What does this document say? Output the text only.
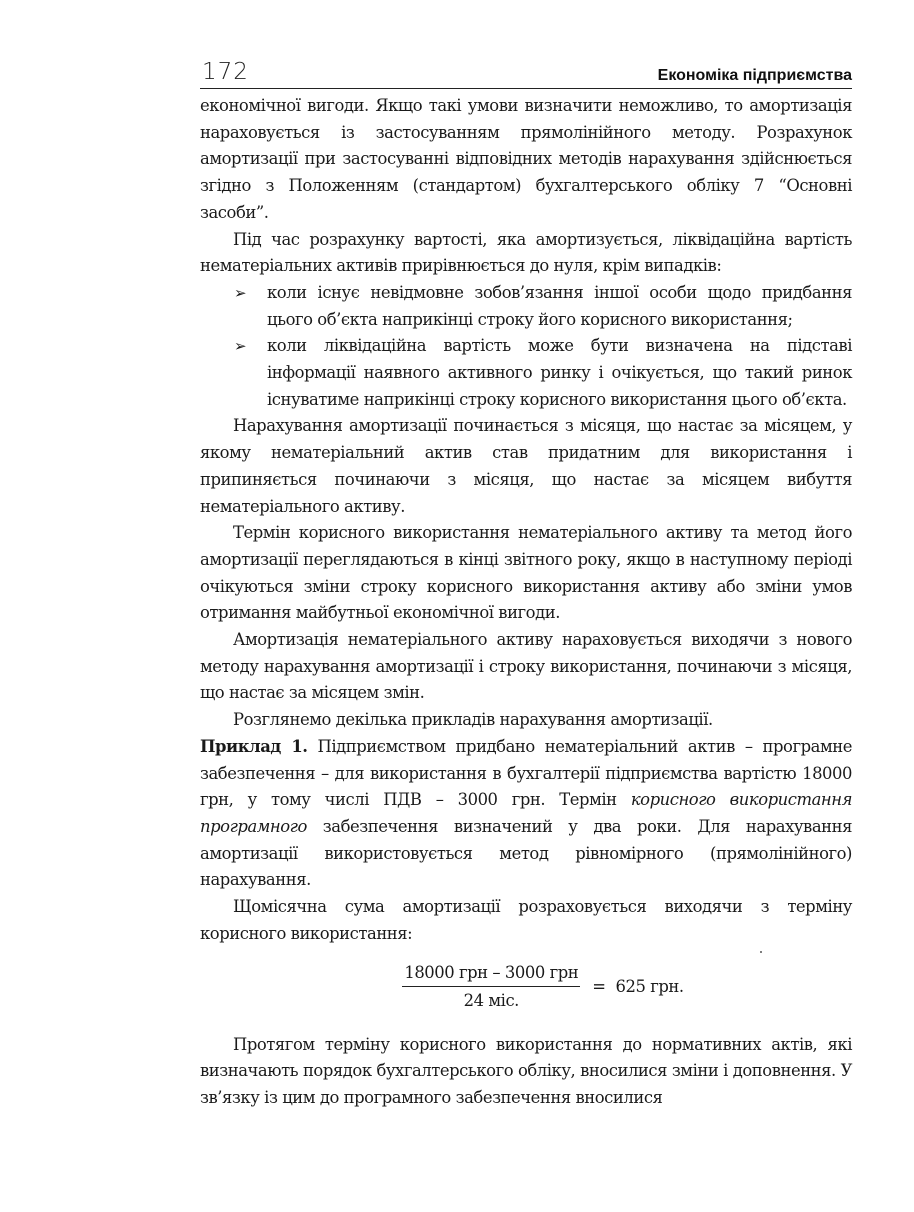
172	Економіка підприємства

економічної вигоди. Якщо такі умови визначити неможливо, то амортизація нараховується із застосуванням прямолінійного методу. Розрахунок амортизації при застосуванні відповідних методів нарахування здійснюється згідно з Положенням (стандартом) бухгалтерського обліку 7 “Основні засоби”.

Під час розрахунку вартості, яка амортизується, ліквідаційна вартість нематеріальних активів прирівнюється до нуля, крім випадків:

➢ коли існує невідмовне зобов’язання іншої особи щодо придбання цього об’єкта наприкінці строку його корисного використання;
➢ коли ліквідаційна вартість може бути визначена на підставі інформації наявного активного ринку і очікується, що такий ринок існуватиме наприкінці строку корисного використання цього об’єкта.

Нарахування амортизації починається з місяця, що настає за місяцем, у якому нематеріальний актив став придатним для використання і припиняється починаючи з місяця, що настає за місяцем вибуття нематеріального активу.

Термін корисного використання нематеріального активу та метод його амортизації переглядаються в кінці звітного року, якщо в наступному періоді очікуються зміни строку корисного використання активу або зміни умов отримання майбутньої економічної вигоди.

Амортизація нематеріального активу нараховується виходячи з нового методу нарахування амортизації і строку використання, починаючи з місяця, що настає за місяцем змін.

Розглянемо декілька прикладів нарахування амортизації.

Приклад 1. Підприємством придбано нематеріальний актив – програмне забезпечення – для використання в бухгалтерії підприємства вартістю 18000 грн, у тому числі ПДВ – 3000 грн. Термін корисного використання програмного забезпечення визначений у два роки. Для нарахування амортизації використовується метод рівномірного (прямолінійного) нарахування.

Щомісячна сума амортизації розраховується виходячи з терміну корисного використання:

$\frac{\text{18000 грн – 3000 грн}}{\text{24 міс.}} = 625$ грн.

Протягом терміну корисного використання до нормативних актів, які визначають порядок бухгалтерського обліку, вносилися зміни і доповнення. У зв’язку із цим до програмного забезпечення вносилися
